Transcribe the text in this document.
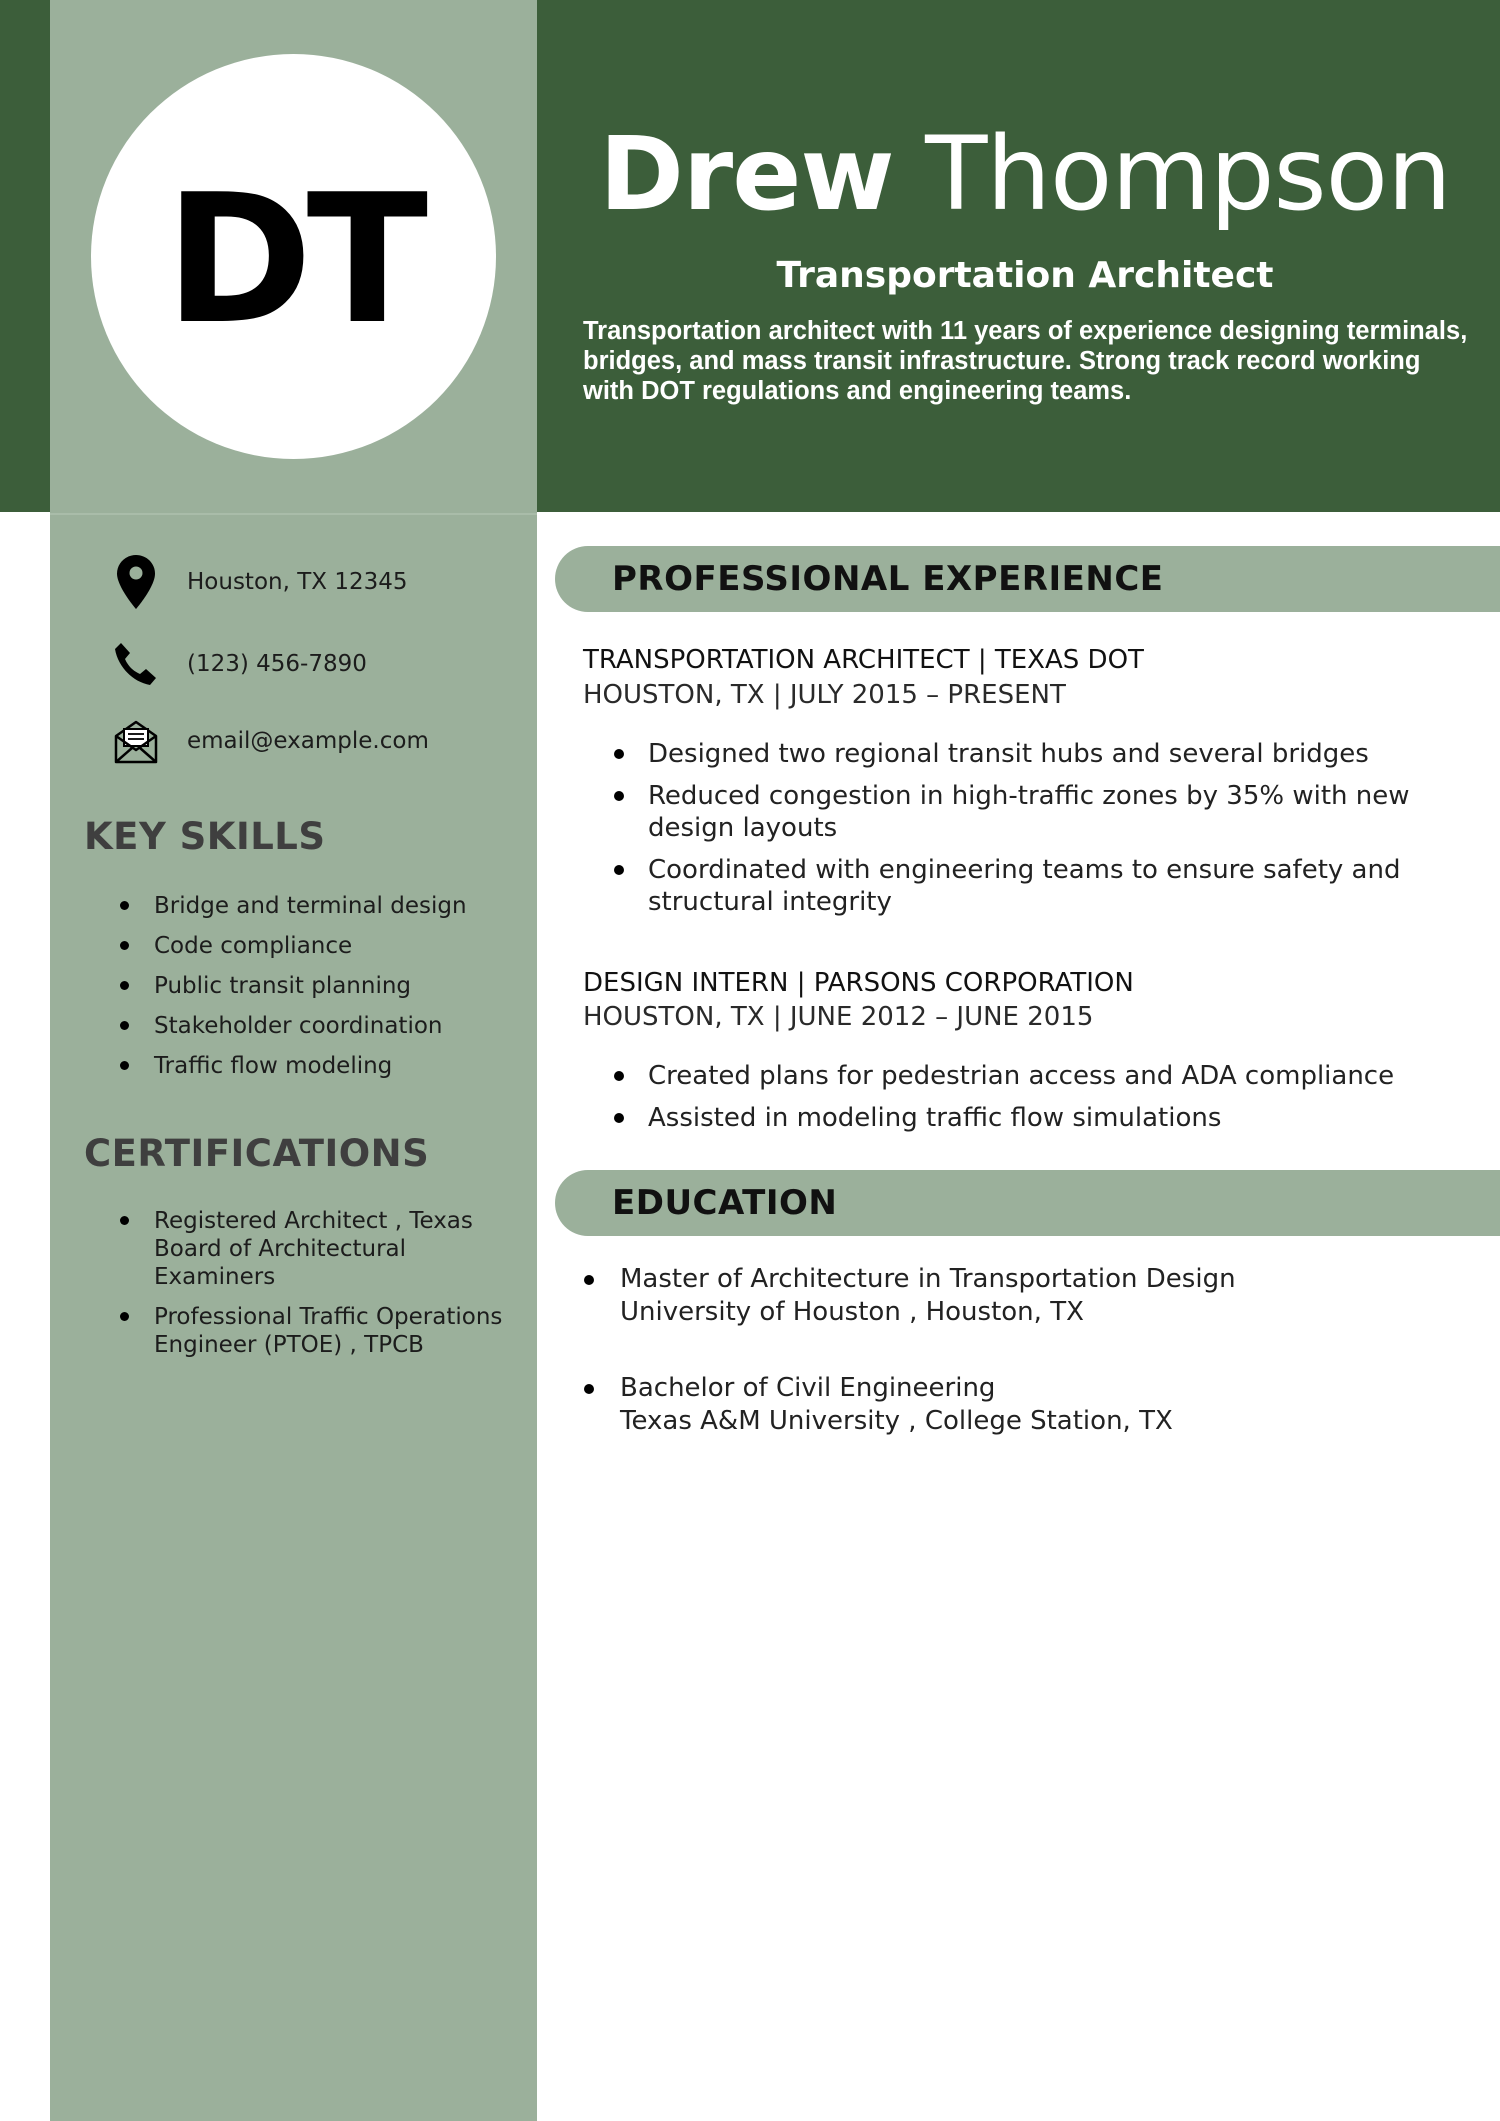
DT	Drew Thompson
Transportation Architect
Transportation architect with 11 years of experience designing terminals, bridges, and mass transit infrastructure. Strong track record working with DOT regulations and engineering teams.
Houston, TX 12345
(123) 456-7890
email@example.com
KEY SKILLS
Bridge and terminal design
Code compliance
Public transit planning
Stakeholder coordination
Traffic flow modeling
CERTIFICATIONS
Registered Architect , Texas Board of Architectural Examiners
Professional Traffic Operations Engineer (PTOE) , TPCB
PROFESSIONAL EXPERIENCE
TRANSPORTATION ARCHITECT | TEXAS DOT
HOUSTON, TX | JULY 2015 – PRESENT
Designed two regional transit hubs and several bridges
Reduced congestion in high-traffic zones by 35% with new design layouts
Coordinated with engineering teams to ensure safety and structural integrity
DESIGN INTERN | PARSONS CORPORATION
HOUSTON, TX | JUNE 2012 – JUNE 2015
Created plans for pedestrian access and ADA compliance
Assisted in modeling traffic flow simulations
EDUCATION
Master of Architecture in Transportation Design
University of Houston , Houston, TX
Bachelor of Civil Engineering
Texas A&M University , College Station, TX
